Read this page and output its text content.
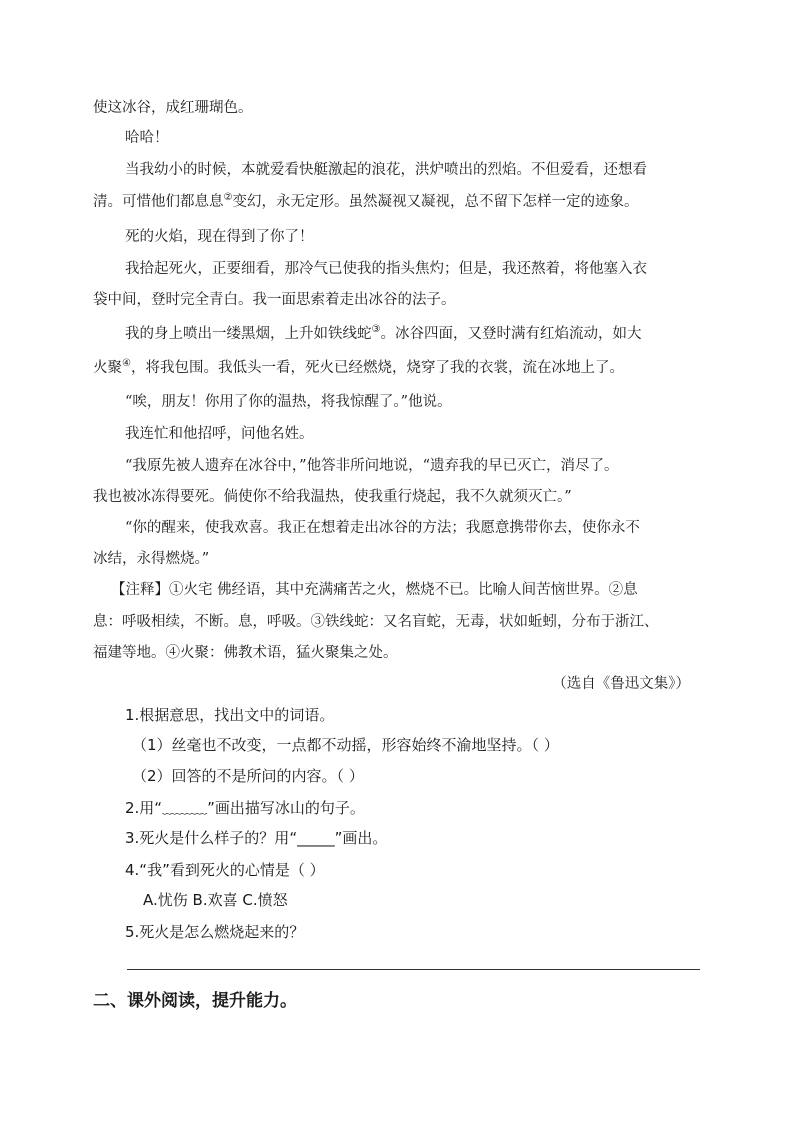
使这冰谷，成红珊瑚色。
哈哈！
当我幼小的时候，本就爱看快艇激起的浪花，洪炉喷出的烈焰。不但爱看，还想看
清。可惜他们都息息②变幻，永无定形。虽然凝视又凝视，总不留下怎样一定的迹象。
死的火焰，现在得到了你了！
我拾起死火，正要细看，那冷气已使我的指头焦灼；但是，我还熬着，将他塞入衣
袋中间，登时完全青白。我一面思索着走出冰谷的法子。
我的身上喷出一缕黑烟，上升如铁线蛇③。冰谷四面，又登时满有红焰流动，如大
火聚④，将我包围。我低头一看，死火已经燃烧，烧穿了我的衣裳，流在冰地上了。
“唉，朋友！你用了你的温热，将我惊醒了。”他说。
我连忙和他招呼，问他名姓。
“我原先被人遗弃在冰谷中，”他答非所问地说，“遗弃我的早已灭亡，消尽了。
我也被冰冻得要死。倘使你不给我温热，使我重行烧起，我不久就须灭亡。”
“你的醒来，使我欢喜。我正在想着走出冰谷的方法；我愿意携带你去，使你永不
冰结，永得燃烧。”
【注释】①火宅 佛经语，其中充满痛苦之火，燃烧不已。比喻人间苦恼世界。②息
息：呼吸相续，不断。息，呼吸。③铁线蛇：又名盲蛇，无毒，状如蚯蚓，分布于浙江、
福建等地。④火聚：佛教术语，猛火聚集之处。
（选自《鲁迅文集》）
1.根据意思，找出文中的词语。
（1）丝毫也不改变，一点都不动摇，形容始终不渝地坚持。（ ）
（2）回答的不是所问的内容。（ ）
2.用“﹏﹏﹏”画出描写冰山的句子。
3.死火是什么样子的？用“_____”画出。
4.“我”看到死火的心情是（ ）
A.忧伤 B.欢喜 C.愤怒
5.死火是怎么燃烧起来的？
二、课外阅读，提升能力。
